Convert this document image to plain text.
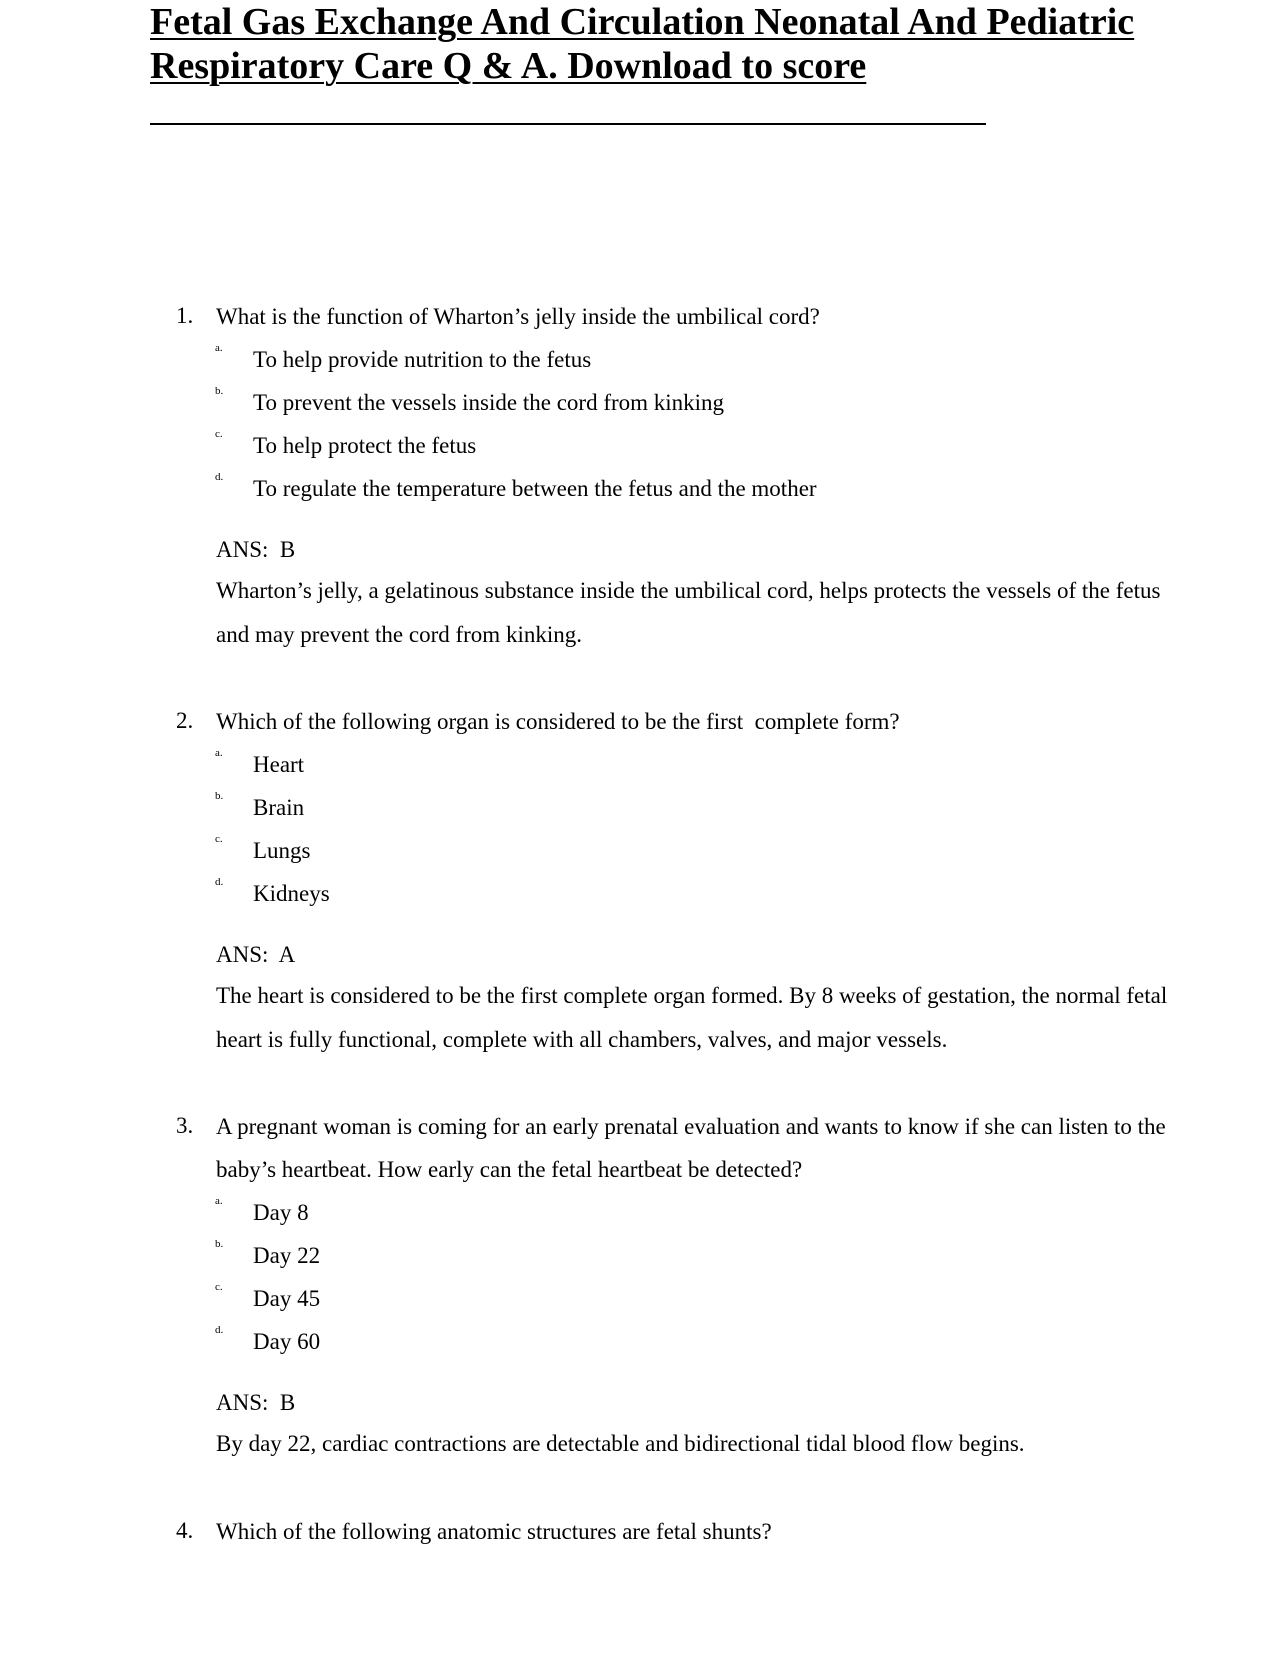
Fetal Gas Exchange And Circulation Neonatal And Pediatric
Respiratory Care Q & A. Download to score
1. What is the function of Wharton’s jelly inside the umbilical cord?
a. To help provide nutrition to the fetus
b. To prevent the vessels inside the cord from kinking
c. To help protect the fetus
d. To regulate the temperature between the fetus and the mother
ANS:  B
Wharton’s jelly, a gelatinous substance inside the umbilical cord, helps protects the vessels of the fetus and may prevent the cord from kinking.
2. Which of the following organ is considered to be the first  complete form?
a. Heart
b. Brain
c. Lungs
d. Kidneys
ANS:  A
The heart is considered to be the first complete organ formed. By 8 weeks of gestation, the normal fetal heart is fully functional, complete with all chambers, valves, and major vessels.
3. A pregnant woman is coming for an early prenatal evaluation and wants to know if she can listen to the baby’s heartbeat. How early can the fetal heartbeat be detected?
a. Day 8
b. Day 22
c. Day 45
d. Day 60
ANS:  B
By day 22, cardiac contractions are detectable and bidirectional tidal blood flow begins.
4. Which of the following anatomic structures are fetal shunts?
